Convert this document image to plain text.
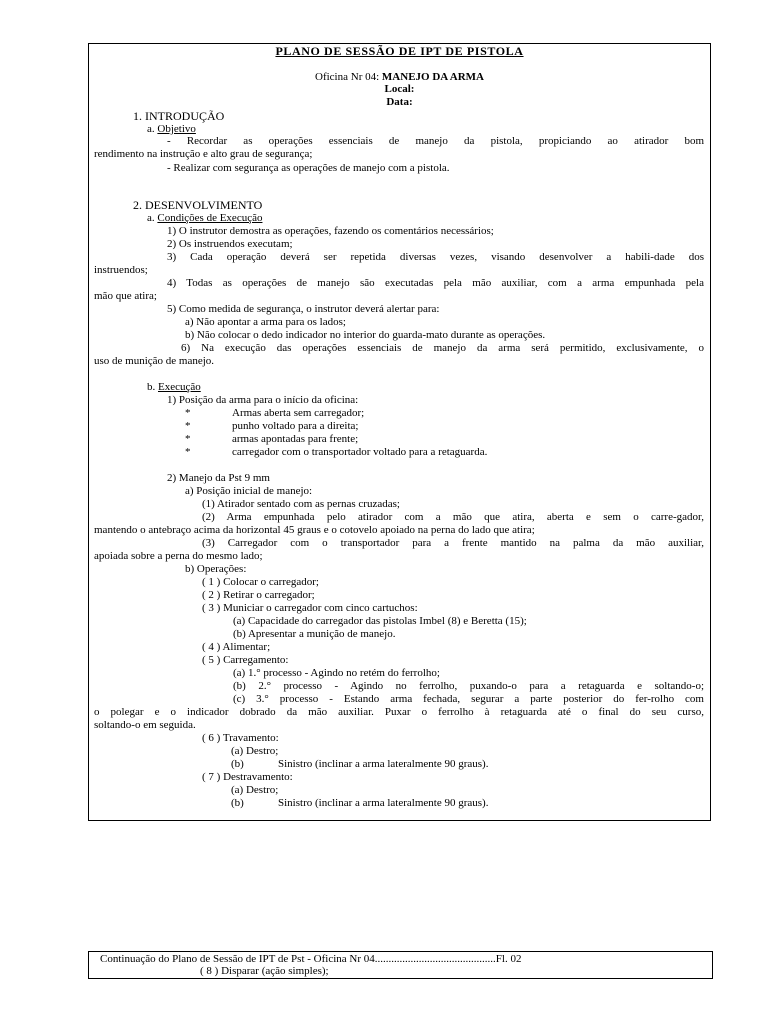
PLANO DE SESSÃO DE IPT DE PISTOLA
Oficina Nr 04: MANEJO DA ARMA
Local:
Data:
1. INTRODUÇÃO
a. Objetivo
- Recordar as operações essenciais de manejo da pistola, propiciando ao atirador bom
rendimento na instrução e alto grau de segurança;
- Realizar com segurança as operações de manejo com a pistola.
2. DESENVOLVIMENTO
a. Condições de Execução
1) O instrutor demostra as operações, fazendo os comentários necessários;
2) Os instruendos executam;
3) Cada operação deverá ser repetida diversas vezes, visando desenvolver a habili-dade dos
instruendos;
4) Todas as operações de manejo são executadas pela mão auxiliar, com a arma empunhada pela
mão que atira;
5) Como medida de segurança, o instrutor deverá alertar para:
a) Não apontar a arma para os lados;
b) Não colocar o dedo indicador no interior do guarda-mato durante as operações.
6) Na execução das operações essenciais de manejo da arma será permitido, exclusivamente, o
uso de munição de manejo.
b. Execução
1) Posição da arma para o início da oficina:
*	Armas aberta sem carregador;
*	punho voltado para a direita;
*	armas apontadas para frente;
*	carregador com o transportador voltado para a retaguarda.
2) Manejo da Pst 9 mm
a) Posição inicial de manejo:
(1) Atirador sentado com as pernas cruzadas;
(2) Arma empunhada pelo atirador com a mão que atira, aberta e sem o carre-gador,
mantendo o antebraço acima da horizontal 45 graus e o cotovelo apoiado na perna do lado que atira;
(3) Carregador com o transportador para a frente mantido na palma da mão auxiliar,
apoiada sobre a perna do mesmo lado;
b) Operações:
( 1 ) Colocar o carregador;
( 2 ) Retirar o carregador;
( 3 ) Municiar o carregador com cinco cartuchos:
(a) Capacidade do carregador das pistolas Imbel (8) e Beretta (15);
(b) Apresentar a munição de manejo.
( 4 ) Alimentar;
( 5 ) Carregamento:
(a) 1.° processo - Agindo no retém do ferrolho;
(b) 2.° processo - Agindo no ferrolho, puxando-o para a retaguarda e soltando-o;
(c) 3.° processo - Estando arma fechada, segurar a parte posterior do fer-rolho com
o polegar e o indicador dobrado da mão auxiliar. Puxar o ferrolho à retaguarda até o final do seu curso,
soltando-o em seguida.
( 6 ) Travamento:
(a) Destro;
(b)	Sinistro (inclinar a arma lateralmente 90 graus).
( 7 ) Destravamento:
(a) Destro;
(b)	Sinistro (inclinar a arma lateralmente 90 graus).
Continuação do Plano de Sessão de IPT de Pst - Oficina Nr 04............................................Fl. 02
( 8 ) Disparar (ação simples);
